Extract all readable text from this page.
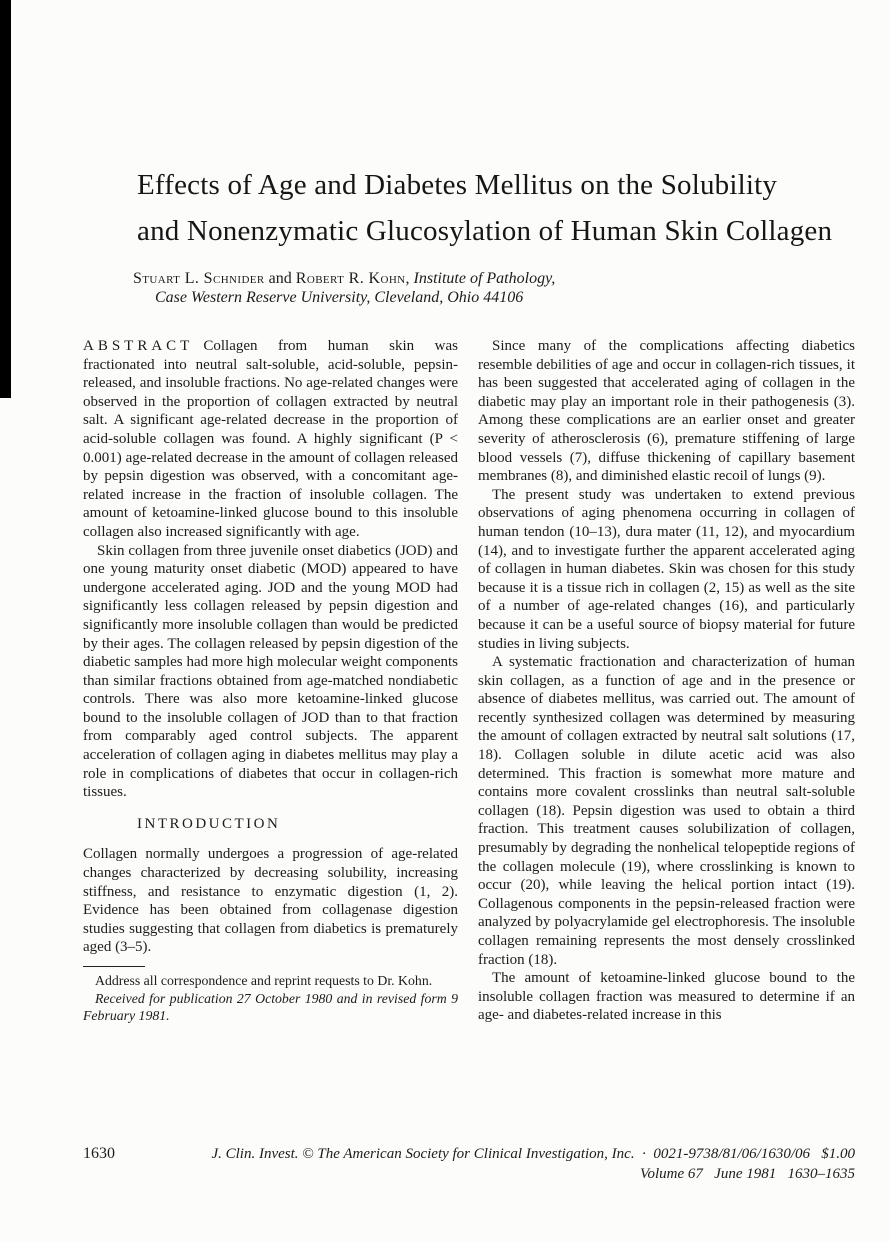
Effects of Age and Diabetes Mellitus on the Solubility
and Nonenzymatic Glucosylation of Human Skin Collagen
Stuart L. Schnider and Robert R. Kohn, Institute of Pathology,
Case Western Reserve University, Cleveland, Ohio 44106

ABSTRACT Collagen from human skin was fractionated into neutral salt-soluble, acid-soluble, pepsin-released, and insoluble fractions. No age-related changes were observed in the proportion of collagen extracted by neutral salt. A significant age-related decrease in the proportion of acid-soluble collagen was found. A highly significant (P < 0.001) age-related decrease in the amount of collagen released by pepsin digestion was observed, with a concomitant age-related increase in the fraction of insoluble collagen. The amount of ketoamine-linked glucose bound to this insoluble collagen also increased significantly with age.

Skin collagen from three juvenile onset diabetics (JOD) and one young maturity onset diabetic (MOD) appeared to have undergone accelerated aging. JOD and the young MOD had significantly less collagen released by pepsin digestion and significantly more insoluble collagen than would be predicted by their ages. The collagen released by pepsin digestion of the diabetic samples had more high molecular weight components than similar fractions obtained from age-matched nondiabetic controls. There was also more ketoamine-linked glucose bound to the insoluble collagen of JOD than to that fraction from comparably aged control subjects. The apparent acceleration of collagen aging in diabetes mellitus may play a role in complications of diabetes that occur in collagen-rich tissues.

INTRODUCTION

Collagen normally undergoes a progression of age-related changes characterized by decreasing solubility, increasing stiffness, and resistance to enzymatic digestion (1, 2). Evidence has been obtained from collagenase digestion studies suggesting that collagen from diabetics is prematurely aged (3–5).

Address all correspondence and reprint requests to Dr. Kohn.

Received for publication 27 October 1980 and in revised form 9 February 1981.

Since many of the complications affecting diabetics resemble debilities of age and occur in collagen-rich tissues, it has been suggested that accelerated aging of collagen in the diabetic may play an important role in their pathogenesis (3). Among these complications are an earlier onset and greater severity of atherosclerosis (6), premature stiffening of large blood vessels (7), diffuse thickening of capillary basement membranes (8), and diminished elastic recoil of lungs (9).

The present study was undertaken to extend previous observations of aging phenomena occurring in collagen of human tendon (10–13), dura mater (11, 12), and myocardium (14), and to investigate further the apparent accelerated aging of collagen in human diabetes. Skin was chosen for this study because it is a tissue rich in collagen (2, 15) as well as the site of a number of age-related changes (16), and particularly because it can be a useful source of biopsy material for future studies in living subjects.

A systematic fractionation and characterization of human skin collagen, as a function of age and in the presence or absence of diabetes mellitus, was carried out. The amount of recently synthesized collagen was determined by measuring the amount of collagen extracted by neutral salt solutions (17, 18). Collagen soluble in dilute acetic acid was also determined. This fraction is somewhat more mature and contains more covalent crosslinks than neutral salt-soluble collagen (18). Pepsin digestion was used to obtain a third fraction. This treatment causes solubilization of collagen, presumably by degrading the nonhelical telopeptide regions of the collagen molecule (19), where crosslinking is known to occur (20), while leaving the helical portion intact (19). Collagenous components in the pepsin-released fraction were analyzed by polyacrylamide gel electrophoresis. The insoluble collagen remaining represents the most densely crosslinked fraction (18).

The amount of ketoamine-linked glucose bound to the insoluble collagen fraction was measured to determine if an age- and diabetes-related increase in this

1630	J. Clin. Invest. © The American Society for Clinical Investigation, Inc.  ·  0021-9738/81/06/1630/06   $1.00
Volume 67   June 1981   1630–1635
